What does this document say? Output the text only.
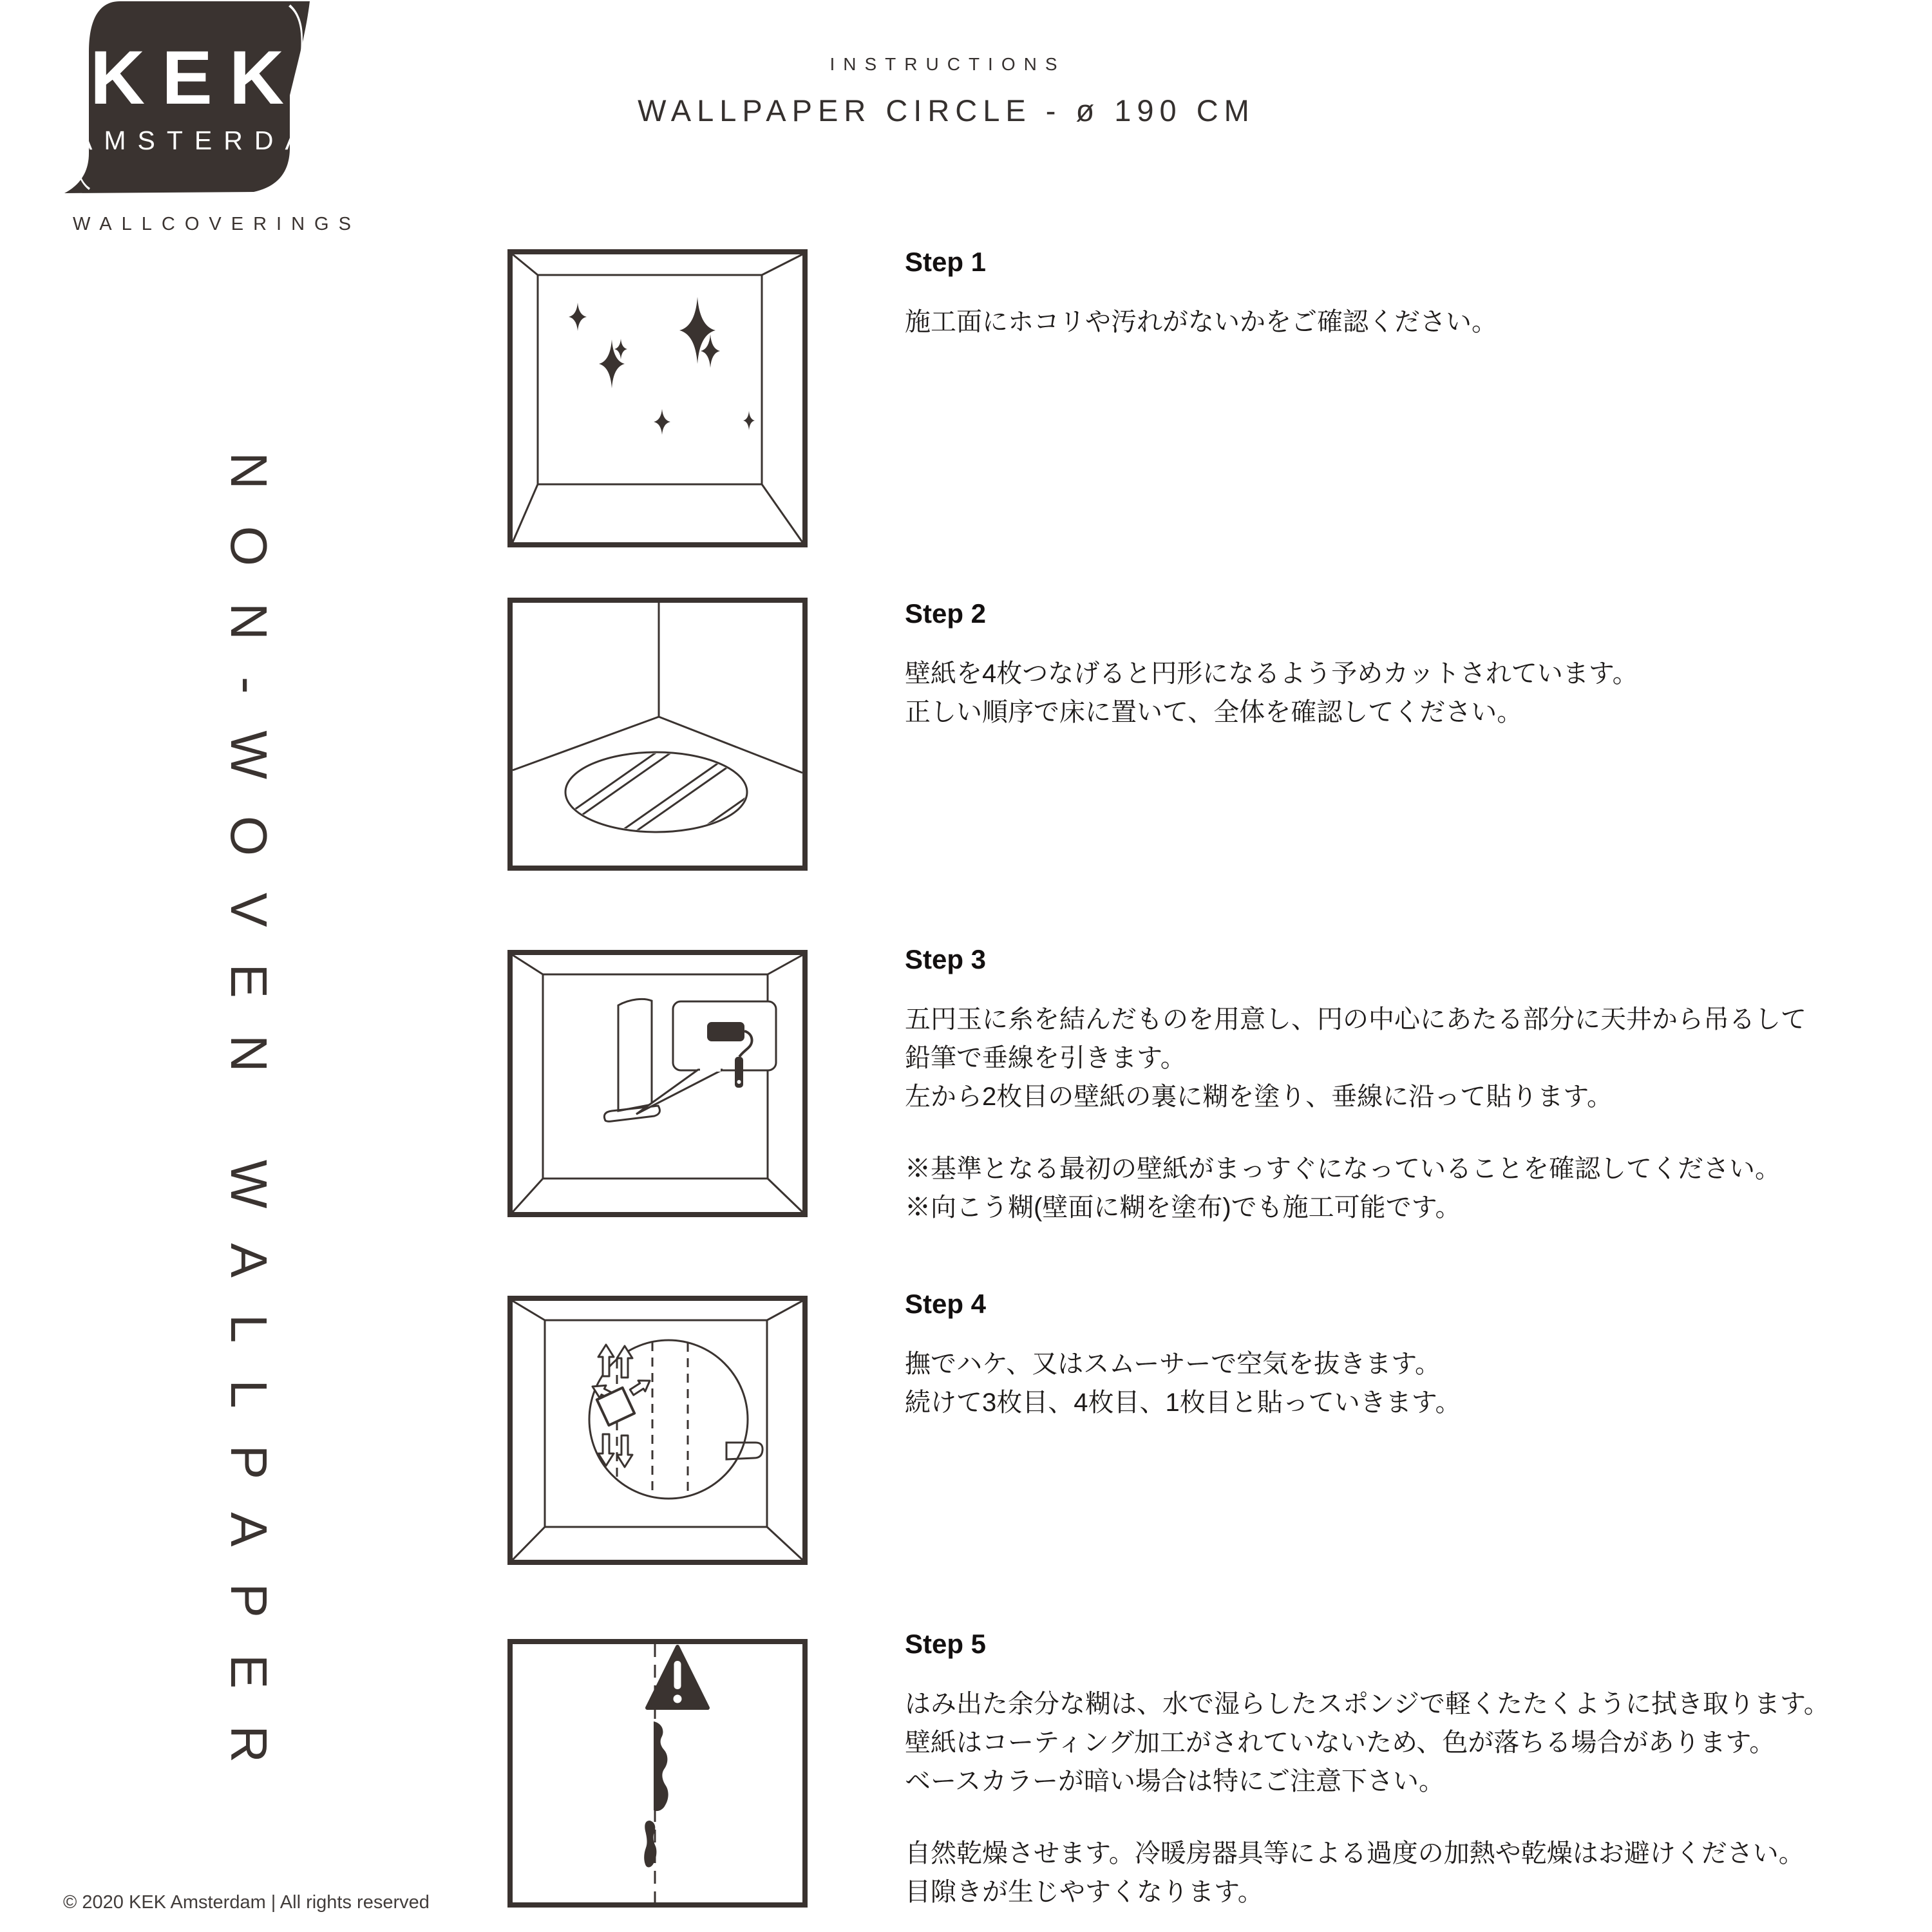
KEK
AMSTERDAM®
WALLCOVERINGS
INSTRUCTIONS
WALLPAPER CIRCLE - ø 190 CM
NON-WOVEN WALLPAPER
Step 1

施工面にホコリや汚れがないかをご確認ください。

Step 2

壁紙を4枚つなげると円形になるよう予めカットされています。

正しい順序で床に置いて、全体を確認してください。

Step 3

五円玉に糸を結んだものを用意し、円の中心にあたる部分に天井から吊るして

鉛筆で垂線を引きます。

左から2枚目の壁紙の裏に糊を塗り、垂線に沿って貼ります。

※基準となる最初の壁紙がまっすぐになっていることを確認してください。

※向こう糊(壁面に糊を塗布)でも施工可能です。

Step 4

撫でハケ、又はスムーサーで空気を抜きます。

続けて3枚目、4枚目、1枚目と貼っていきます。

Step 5

はみ出た余分な糊は、水で湿らしたスポンジで軽くたたくように拭き取ります。

壁紙はコーティング加工がされていないため、色が落ちる場合があります。

ベースカラーが暗い場合は特にご注意下さい。

自然乾燥させます。冷暖房器具等による過度の加熱や乾燥はお避けください。

目隙きが生じやすくなります。

© 2020 KEK Amsterdam | All rights reserved
